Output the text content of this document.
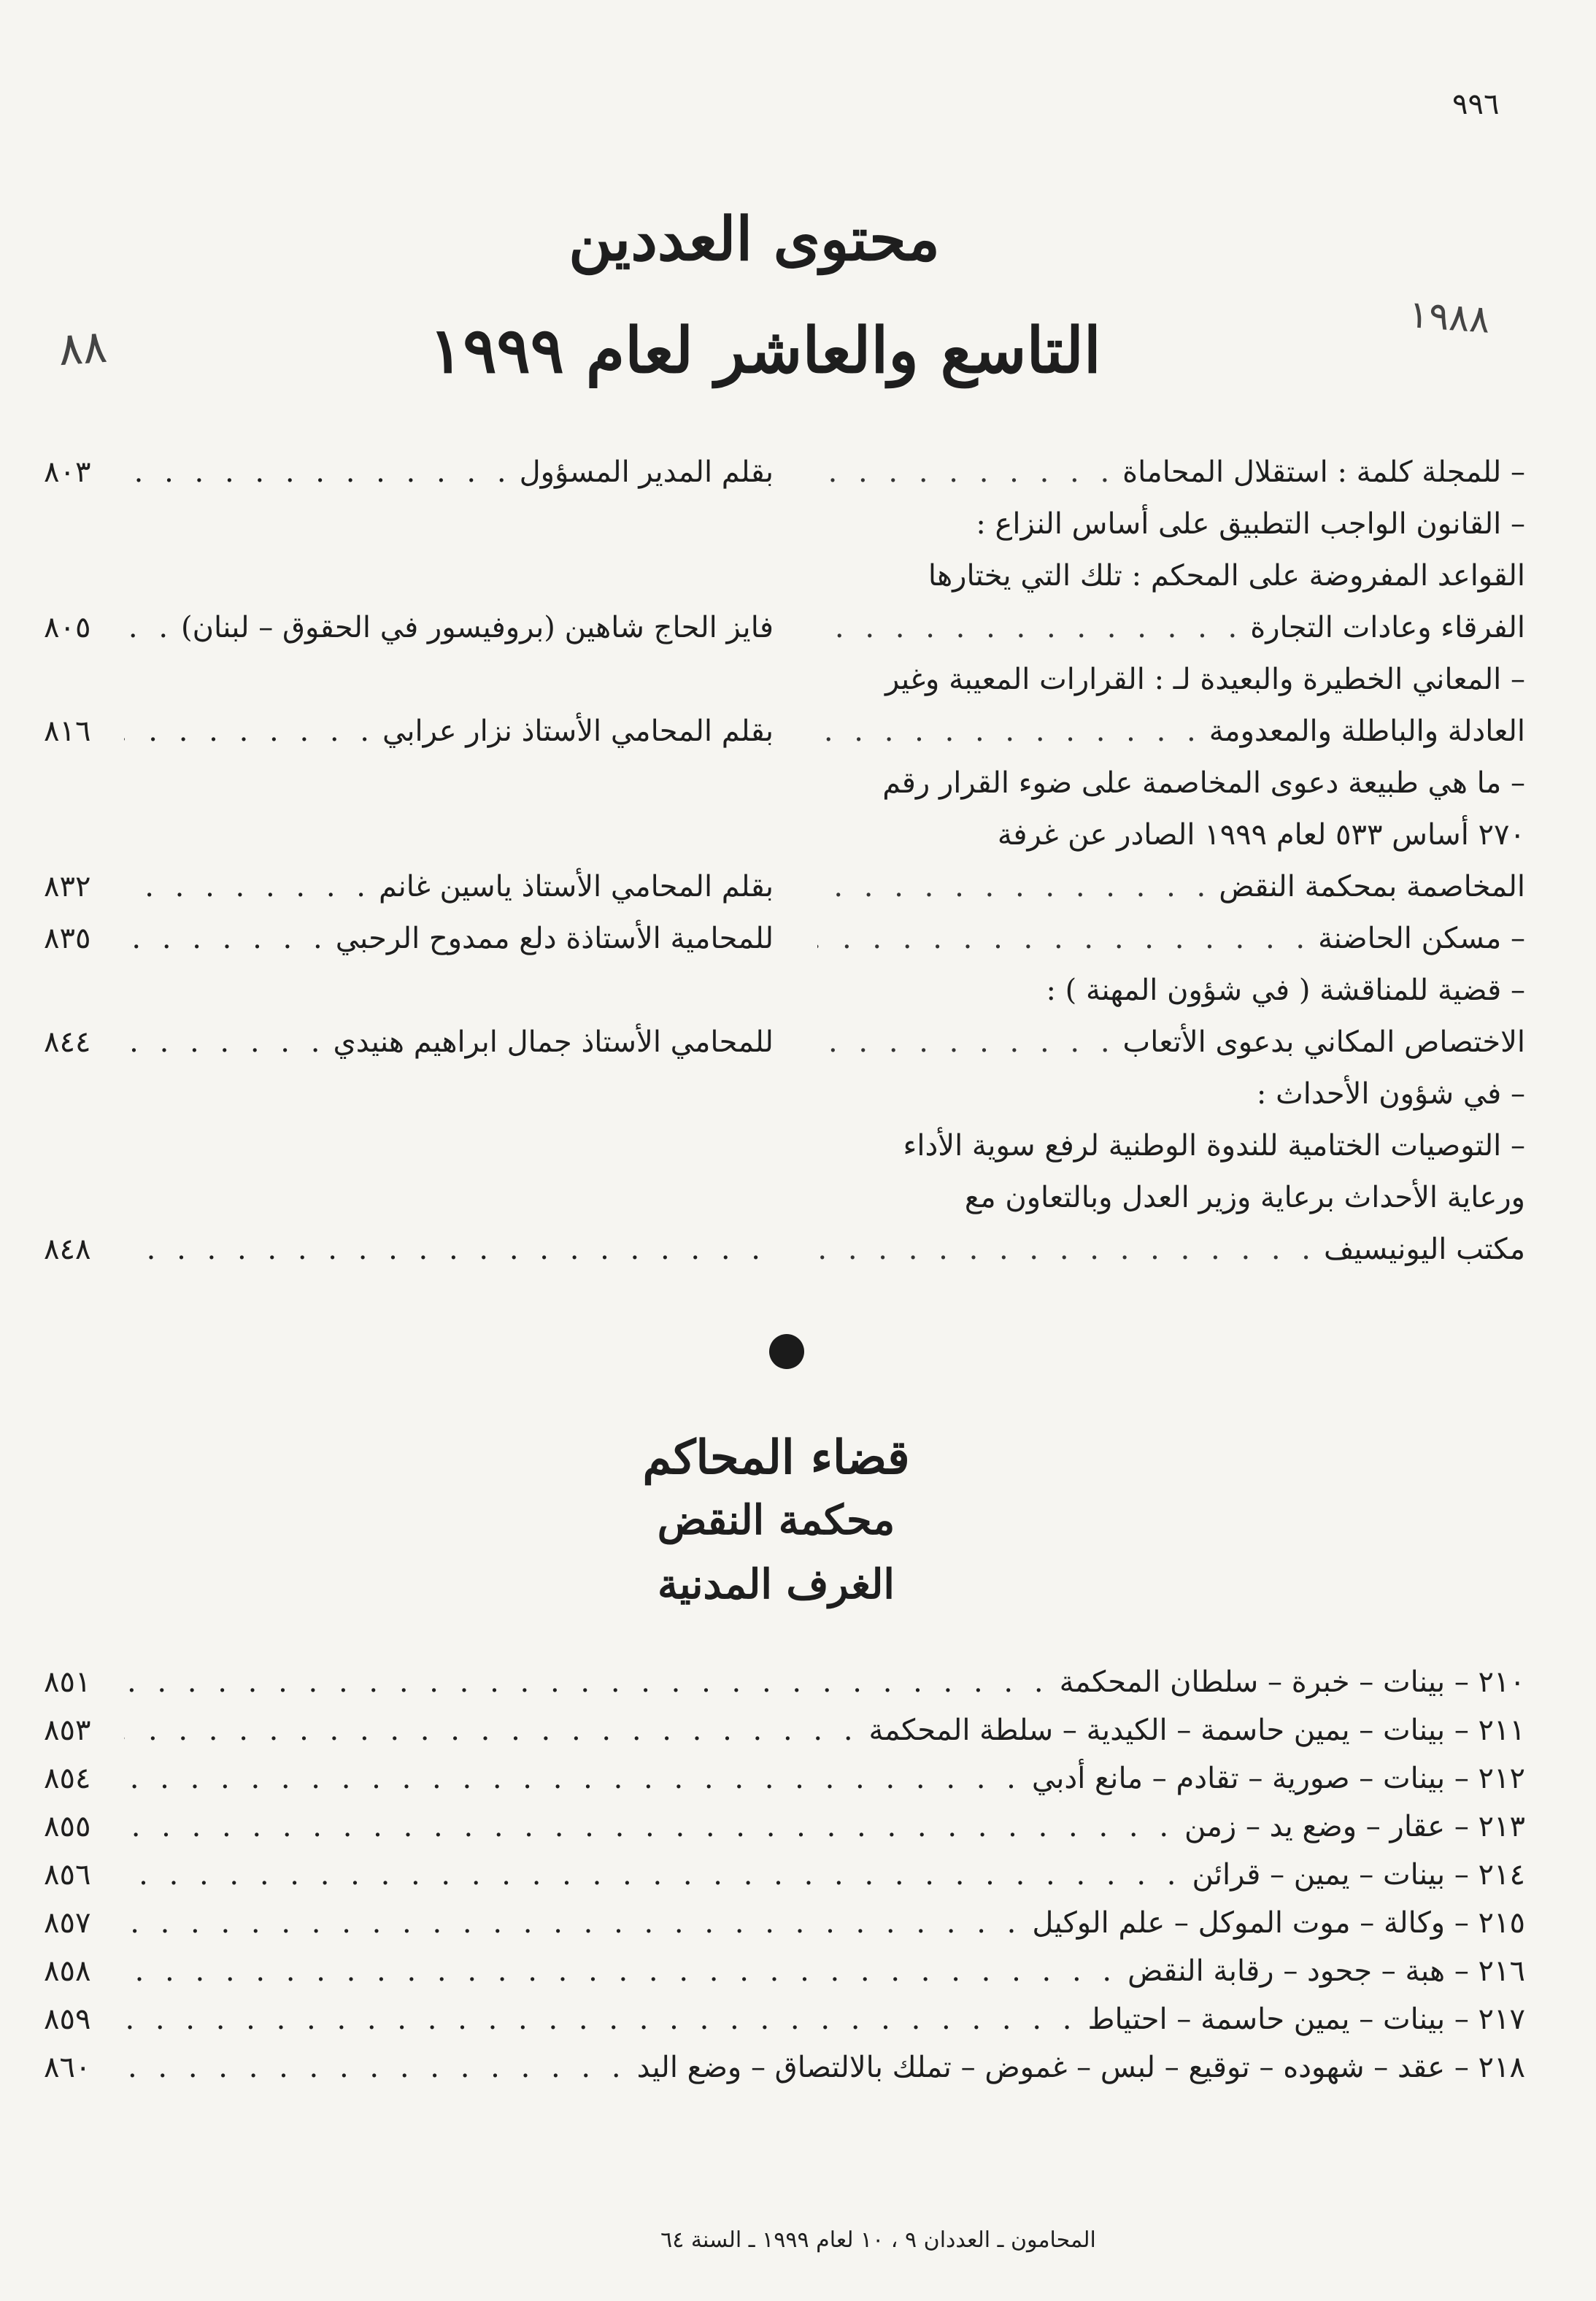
٩٩٦
٨٨
١٩٨٨
محتوى العددين
التاسع والعاشر لعام ١٩٩٩
– للمجلة كلمة : استقلال المحاماة
. . .
بقلم المدير المسؤول
. . .
٨٠٣
– القانون الواجب التطبيق على أساس النزاع :
القواعد المفروضة على المحكم : تلك التي يختارها
الفرقاء وعادات التجارة
. . .
فايز الحاج شاهين (بروفيسور في الحقوق – لبنان)
. . .
٨٠٥
– المعاني الخطيرة والبعيدة لـ : القرارات المعيبة وغير
العادلة والباطلة والمعدومة
. . .
بقلم المحامي الأستاذ نزار عرابي
. . .
٨١٦
– ما هي طبيعة دعوى المخاصمة على ضوء القرار رقم
٢٧٠ أساس ٥٣٣ لعام ١٩٩٩ الصادر عن غرفة
المخاصمة بمحكمة النقض
. . .
بقلم المحامي الأستاذ ياسين غانم
. . .
٨٣٢
– مسكن الحاضنة
. . .
للمحامية الأستاذة دلع ممدوح الرحبي
. . .
٨٣٥
– قضية للمناقشة ( في شؤون المهنة ) :
الاختصاص المكاني بدعوى الأتعاب
. . .
للمحامي الأستاذ جمال ابراهيم هنيدي
. . .
٨٤٤
– في شؤون الأحداث :
– التوصيات الختامية للندوة الوطنية لرفع سوية الأداء
ورعاية الأحداث برعاية وزير العدل وبالتعاون مع
مكتب اليونيسيف
. . .
. . .
٨٤٨
قضاء المحاكم
محكمة النقض
الغرف المدنية
٢١٠ – بينات – خبرة – سلطان المحكمة
. . .
٨٥١
٢١١ – بينات – يمين حاسمة – الكيدية – سلطة المحكمة
. . .
٨٥٣
٢١٢ – بينات – صورية – تقادم – مانع أدبي
. . .
٨٥٤
٢١٣ – عقار – وضع يد – زمن
. . .
٨٥٥
٢١٤ – بينات – يمين – قرائن
. . .
٨٥٦
٢١٥ – وكالة – موت الموكل – علم الوكيل
. . .
٨٥٧
٢١٦ – هبة – جحود – رقابة النقض
. . .
٨٥٨
٢١٧ – بينات – يمين حاسمة – احتياط
. . .
٨٥٩
٢١٨ – عقد – شهوده – توقيع – لبس – غموض – تملك بالالتصاق – وضع اليد
. . .
٨٦٠
المحامون ـ العددان ٩ ، ١٠ لعام ١٩٩٩ ـ السنة ٦٤
